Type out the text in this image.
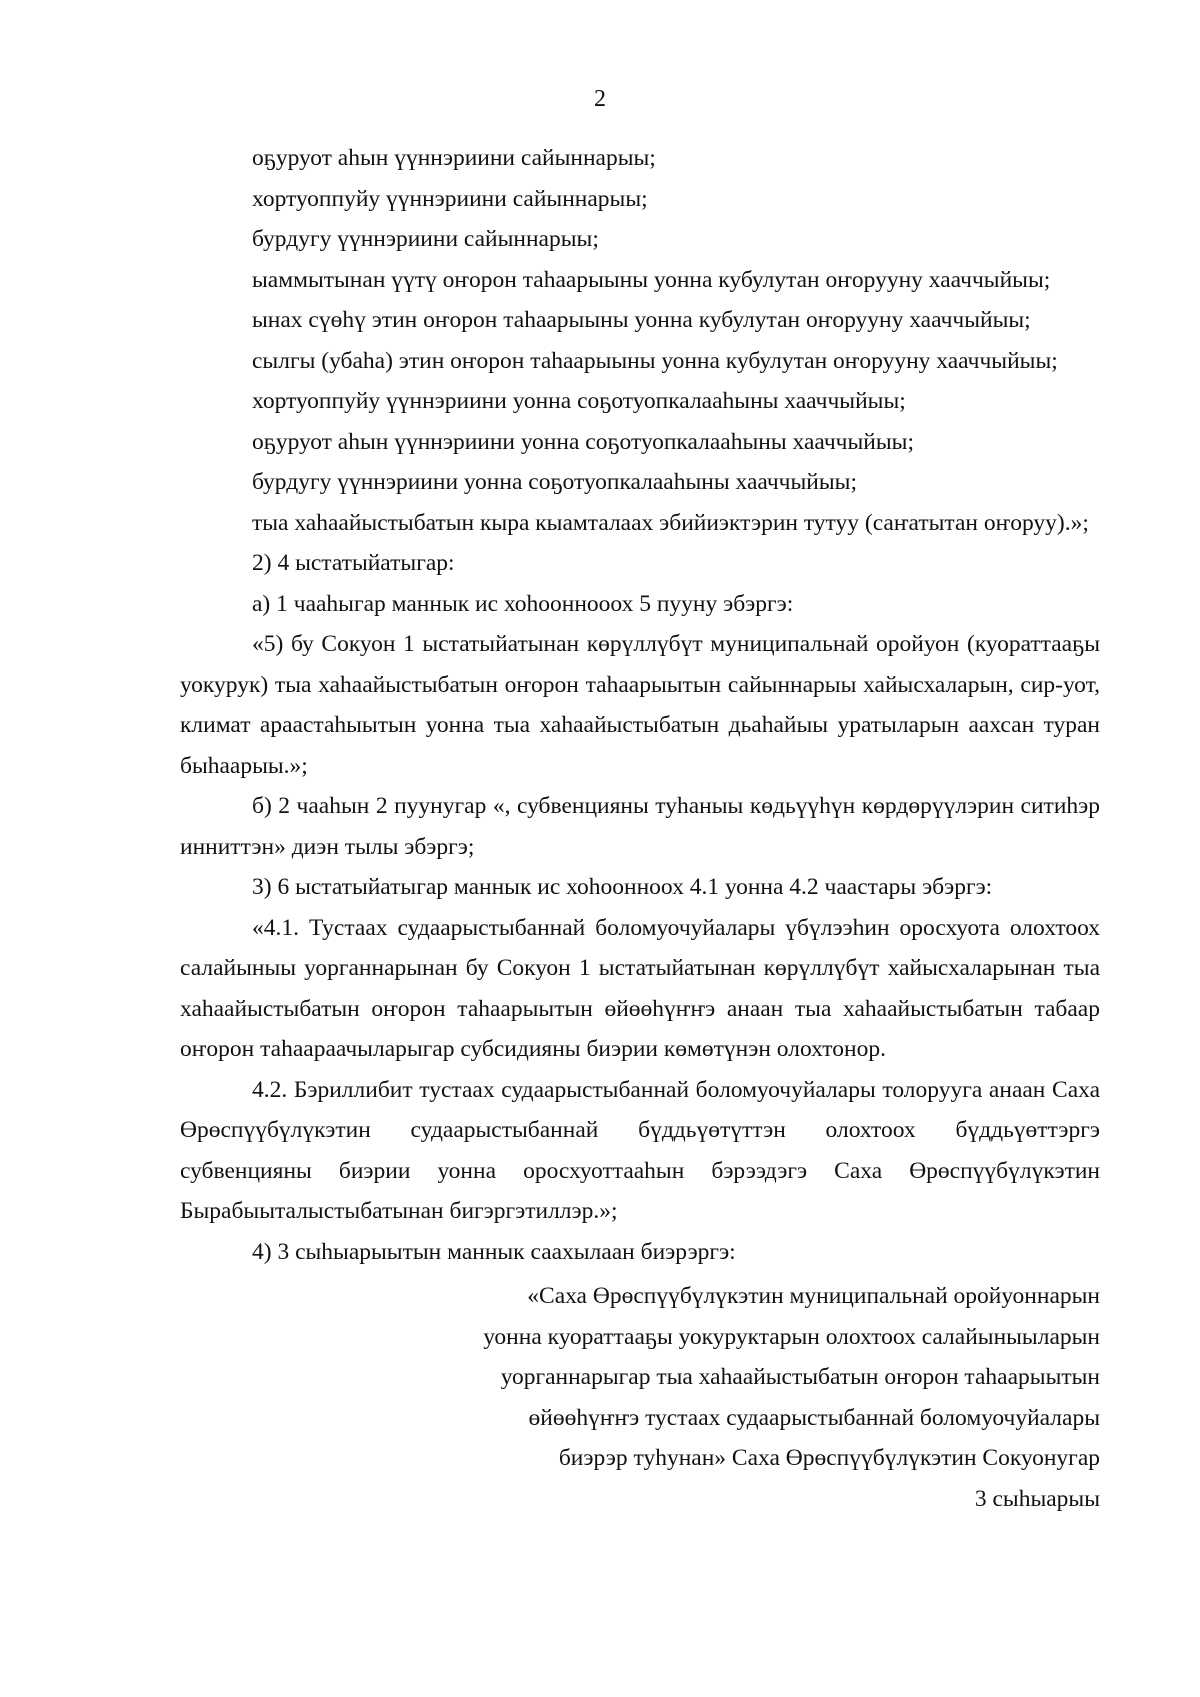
2

оҕуруот аһын үүннэриини сайыннарыы;

хортуоппуйу үүннэриини сайыннарыы;

бурдугу үүннэриини сайыннарыы;

ыаммытынан үүтү оҥорон таһаарыыны уонна кубулутан оҥорууну хааччыйыы;

ынах сүөһү этин оҥорон таһаарыыны уонна кубулутан оҥорууну хааччыйыы;

сылгы (убаһа) этин оҥорон таһаарыыны уонна кубулутан оҥорууну хааччыйыы;

хортуоппуйу үүннэриини уонна соҕотуопкалааһыны хааччыйыы;

оҕуруот аһын үүннэриини уонна соҕотуопкалааһыны хааччыйыы;

бурдугу үүннэриини уонна соҕотуопкалааһыны хааччыйыы;

тыа хаһаайыстыбатын кыра кыамталаах эбийиэктэрин тутуу (саҥатытан оҥоруу).»;

2) 4 ыстатыйатыгар:

а) 1 чааһыгар маннык ис хоһооннооох 5 пууну эбэргэ:

«5) бу Сокуон 1 ыстатыйатынан көрүллүбүт муниципальнай оройуон (куораттааҕы уокурук) тыа хаһаайыстыбатын оҥорон таһаарыытын сайыннарыы хайысхаларын, сир-уот, климат араастаһыытын уонна тыа хаһаайыстыбатын дьаһайыы уратыларын аахсан туран быһаарыы.»;

б) 2 чааһын 2 пуунугар «, субвенцияны туһаныы көдьүүһүн көрдөрүүлэрин ситиһэр инниттэн» диэн тылы эбэргэ;

3) 6 ыстатыйатыгар маннык ис хоһоонноох 4.1 уонна 4.2 чаастары эбэргэ:

«4.1. Тустаах судаарыстыбаннай боломуочуйалары үбүлээһин оросхуота олохтоох салайыныы уорганнарынан бу Сокуон 1 ыстатыйатынан көрүллүбүт хайысхаларынан тыа хаһаайыстыбатын оҥорон таһаарыытын өйөөһүҥҥэ анаан тыа хаһаайыстыбатын табаар оҥорон таһаараачыларыгар субсидияны биэрии көмөтүнэн олохтонор.

4.2. Бэриллибит тустаах судаарыстыбаннай боломуочуйалары толорууга анаан Саха Өрөспүүбүлүкэтин судаарыстыбаннай бүддьүөтүттэн олохтоох бүддьүөттэргэ субвенцияны биэрии уонна оросхуоттааһын бэрээдэгэ Саха Өрөспүүбүлүкэтин Бырабыыталыстыбатынан бигэргэтиллэр.»;

4) 3 сыһыарыытын маннык саахылаан биэрэргэ:

«Саха Өрөспүүбүлүкэтин муниципальнай оройуоннарын
уонна куораттааҕы уокуруктарын олохтоох салайыныыларын
уорганнарыгар тыа хаһаайыстыбатын оҥорон таһаарыытын
өйөөһүҥҥэ тустаах судаарыстыбаннай боломуочуйалары
биэрэр туһунан» Саха Өрөспүүбүлүкэтин Сокуонугар
3 сыһыарыы
